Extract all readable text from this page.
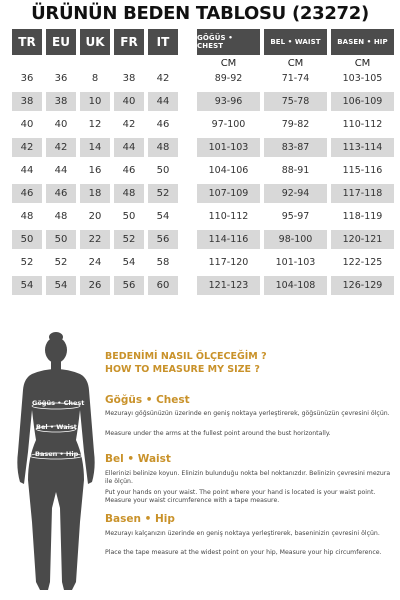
ÜRÜNÜN BEDEN TABLOSU (23272)
TR	EU	UK	FR	IT	GÖĞÜS • CHEST	BEL • WAIST	BASEN • HIP
CM	CM	CM
36	36	8	38	42	89-92	71-74	103-105
38	38	10	40	44	93-96	75-78	106-109
40	40	12	42	46	97-100	79-82	110-112
42	42	14	44	48	101-103	83-87	113-114
44	44	16	46	50	104-106	88-91	115-116
46	46	18	48	52	107-109	92-94	117-118
48	48	20	50	54	110-112	95-97	118-119
50	50	22	52	56	114-116	98-100	120-121
52	52	24	54	58	117-120	101-103	122-125
54	54	26	56	60	121-123	104-108	126-129
Göğüs • Chest
Bel • Waist
Basen • Hip
BEDENİMİ NASIL ÖLÇECEĞİM ?
HOW TO MEASURE MY SIZE ?
Göğüs • Chest
Mezurayı göğsünüzün üzerinde en geniş noktaya yerleştirerek, göğsünüzün çevresini ölçün.
Measure under the arms at the fullest point around the bust horizontally.
Bel • Waist
Ellerinizi belinize koyun. Elinizin bulunduğu nokta bel noktanızdır. Belinizin çevresini mezura ile ölçün.
Put your hands on your waist. The point where your hand is located is your waist point. Measure your waist circumference with a tape measure.
Basen • Hip
Mezurayı kalçanızın üzerinde en geniş noktaya yerleştirerek, baseninizin çevresini ölçün.
Place the tape measure at the widest point on your hip, Measure your hip circumference.
